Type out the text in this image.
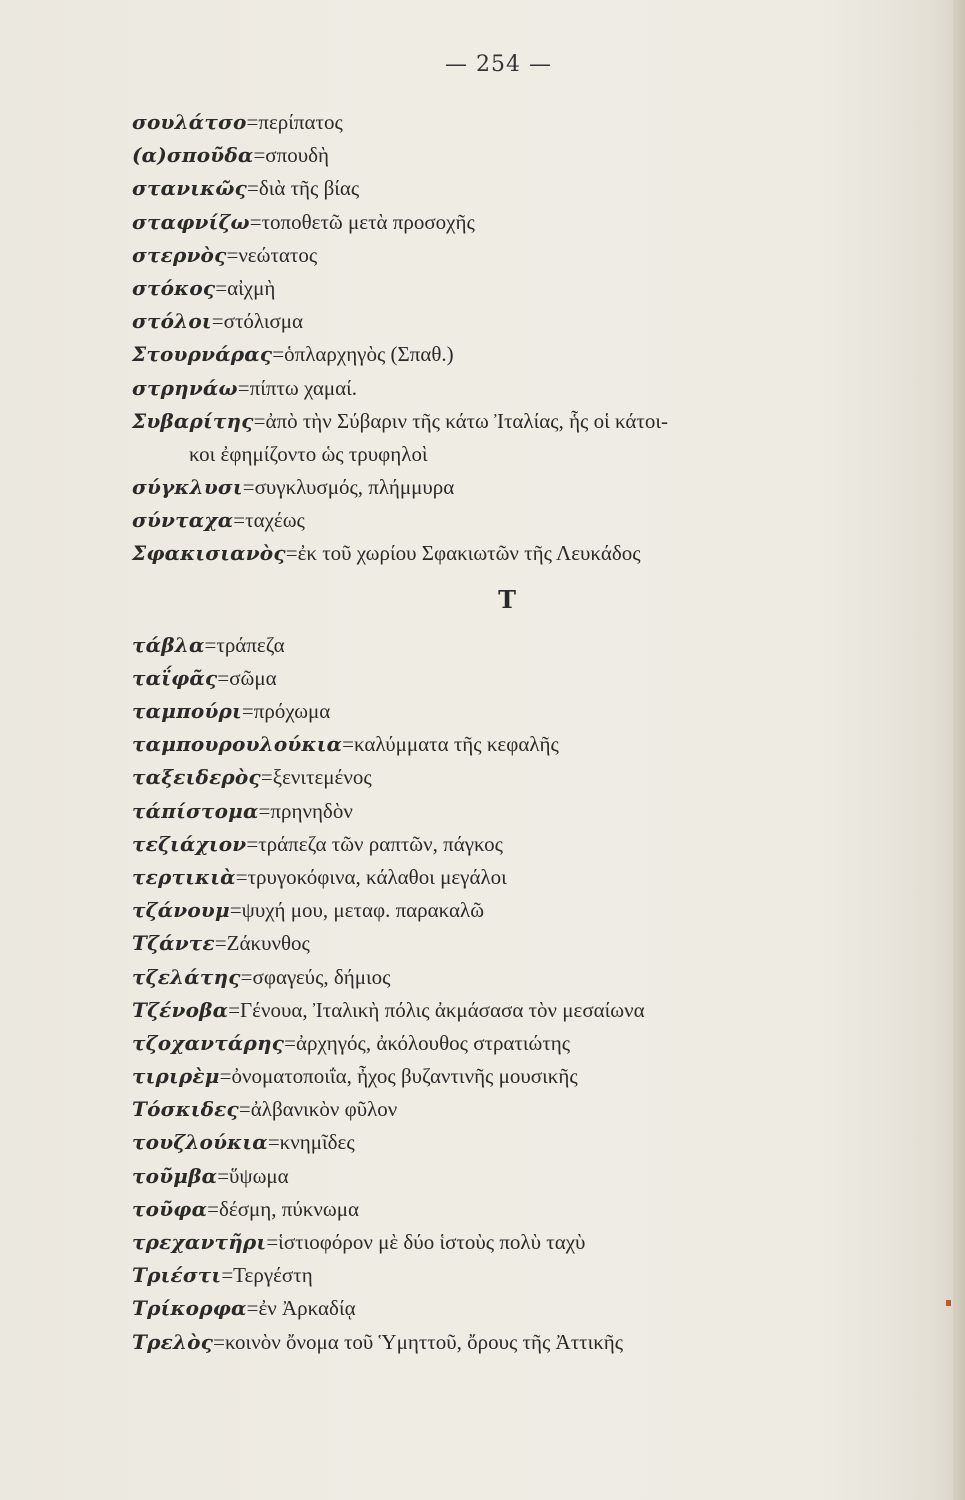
— 254 —
σουλάτσο=περίπατος
(α)σποῦδα=σπουδὴ
στανικῶς=διὰ τῆς βίας
σταφνίζω=τοποθετῶ μετὰ προσοχῆς
στερνὸς=νεώτατος
στόκος=αἰχμὴ
στόλοι=στόλισμα
Στουρνάρας=ὁπλαρχηγὸς (Σπαθ.)
στρηνάω=πίπτω χαμαί.
Συβαρίτης=ἀπὸ τὴν Σύβαριν τῆς κάτω Ἰταλίας, ἧς οἱ κάτοι-
κοι ἐφημίζοντο ὡς τρυφηλοὶ
σύγκλυσι=συγκλυσμός, πλήμμυρα
σύνταχα=ταχέως
Σφακισιανὸς=ἐκ τοῦ χωρίου Σφακιωτῶν τῆς Λευκάδος
Τ
τάβλα=τράπεζα
ταΐφᾶς=σῶμα
ταμπούρι=πρόχωμα
ταμπουρουλούκια=καλύμματα τῆς κεφαλῆς
ταξειδερὸς=ξενιτεμένος
τάπίστομα=πρηνηδὸν
τεζιάχιον=τράπεζα τῶν ραπτῶν, πάγκος
τερτικιὰ=τρυγοκόφινα, κάλαθοι μεγάλοι
τζάνουμ=ψυχή μου, μεταφ. παρακαλῶ
Τζάντε=Ζάκυνθος
τζελάτης=σφαγεύς, δήμιος
Τζένοβα=Γένουα, Ἰταλικὴ πόλις ἀκμάσασα τὸν μεσαίωνα
τζοχαντάρης=ἀρχηγός, ἀκόλουθος στρατιώτης
τιριρὲμ=ὀνοματοποιΐα, ἦχος βυζαντινῆς μουσικῆς
Τόσκιδες=ἀλβανικὸν φῦλον
τουζλούκια=κνημῖδες
τοῦμβα=ὕψωμα
τοῦφα=δέσμη, πύκνωμα
τρεχαντῆρι=ἱστιοφόρον μὲ δύο ἱστοὺς πολὺ ταχὺ
Τριέστι=Τεργέστη
Τρίκορφα=ἐν Ἀρκαδίᾳ
Τρελὸς=κοινὸν ὄνομα τοῦ Ὑμηττοῦ, ὄρους τῆς Ἀττικῆς
